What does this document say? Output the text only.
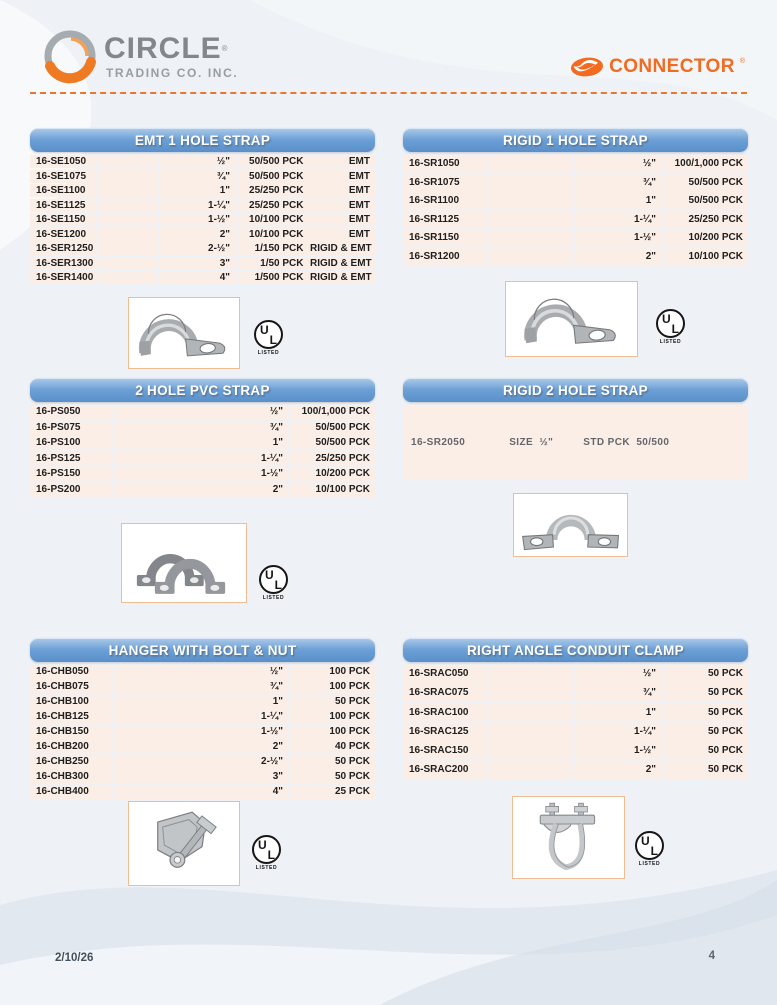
CIRCLE®
TRADING CO. INC.	CONNECTOR ®
EMT 1 HOLE STRAP
16-SE1050	½"	50/500 PCK	EMT
16-SE1075	¾"	50/500 PCK	EMT
16-SE1100	1"	25/250 PCK	EMT
16-SE1125	1-¼"	25/250 PCK	EMT
16-SE1150	1-½"	10/100 PCK	EMT
16-SE1200	2"	10/100 PCK	EMT
16-SER1250	2-½"	1/150 PCK RIGID & EMT
16-SER1300	3"	1/50 PCK RIGID & EMT
16-SER1400	4"	1/500 PCK RIGID & EMT
U
L
LISTED
RIGID 1 HOLE STRAP
16-SR1050	½"	100/1,000 PCK
16-SR1075	¾"	50/500 PCK
16-SR1100	1"	50/500 PCK
16-SR1125	1-¼"	25/250 PCK
16-SR1150	1-½"	10/200 PCK
16-SR1200	2"	10/100 PCK
U
L
LISTED
2 HOLE PVC STRAP
16-PS050	½"	100/1,000 PCK
16-PS075	¾"	50/500 PCK
16-PS100	1"	50/500 PCK
16-PS125	1-¼"	25/250 PCK
16-PS150	1-½"	10/200 PCK
16-PS200	2"	10/100 PCK
U
L
LISTED
RIGID 2 HOLE STRAP
16-SR2050	SIZE  ½"	STD PCK  50/500
HANGER WITH BOLT & NUT
16-CHB050	½"	100 PCK
16-CHB075	¾"	100 PCK
16-CHB100	1"	50 PCK
16-CHB125	1-¼"	100 PCK
16-CHB150	1-½"	100 PCK
16-CHB200	2"	40 PCK
16-CHB250	2-½"	50 PCK
16-CHB300	3"	50 PCK
16-CHB400	4"	25 PCK
U
L
LISTED
RIGHT ANGLE CONDUIT CLAMP
16-SRAC050	½"	50 PCK
16-SRAC075	¾"	50 PCK
16-SRAC100	1"	50 PCK
16-SRAC125	1-¼"	50 PCK
16-SRAC150	1-½"	50 PCK
16-SRAC200	2"	50 PCK
U
L
LISTED
2/10/26	4
